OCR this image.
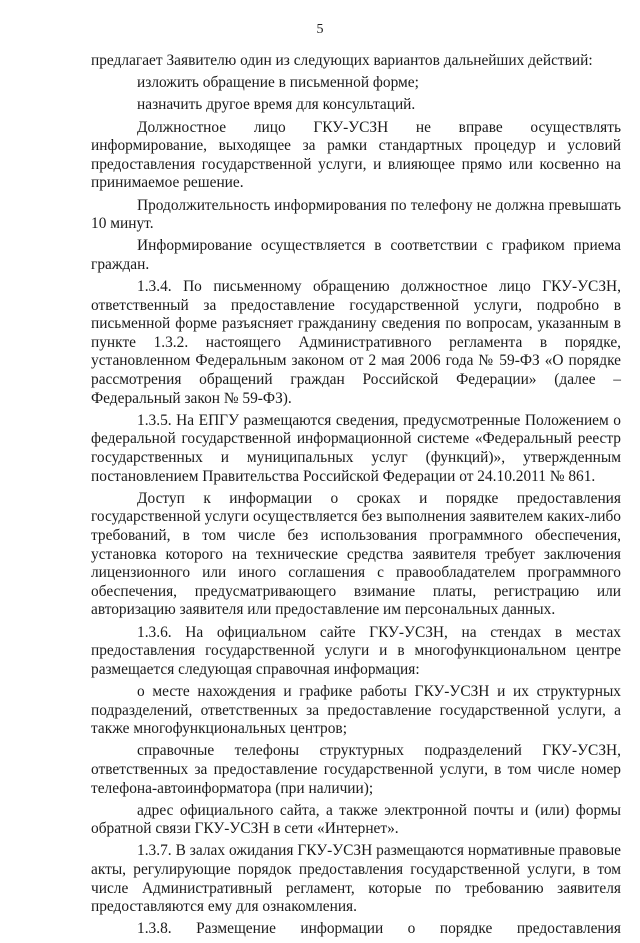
5

предлагает Заявителю один из следующих вариантов дальнейших действий:

изложить обращение в письменной форме;

назначить другое время для консультаций.

Должностное лицо ГКУ-УСЗН не вправе осуществлять информирование, выходящее за рамки стандартных процедур и условий предоставления государственной услуги, и влияющее прямо или косвенно на принимаемое решение.

Продолжительность информирования по телефону не должна превышать 10 минут.

Информирование осуществляется в соответствии с графиком приема граждан.

1.3.4. По письменному обращению должностное лицо ГКУ-УСЗН, ответственный за предоставление государственной услуги, подробно в письменной форме разъясняет гражданину сведения по вопросам, указанным в пункте 1.3.2. настоящего Административного регламента в порядке, установленном Федеральным законом от 2 мая 2006 года № 59-ФЗ «О порядке рассмотрения обращений граждан Российской Федерации» (далее – Федеральный закон № 59-ФЗ).

1.3.5. На ЕПГУ размещаются сведения, предусмотренные Положением о федеральной государственной информационной системе «Федеральный реестр государственных и муниципальных услуг (функций)», утвержденным постановлением Правительства Российской Федерации от 24.10.2011 № 861.

Доступ к информации о сроках и порядке предоставления государственной услуги осуществляется без выполнения заявителем каких-либо требований, в том числе без использования программного обеспечения, установка которого на технические средства заявителя требует заключения лицензионного или иного соглашения с правообладателем программного обеспечения, предусматривающего взимание платы, регистрацию или авторизацию заявителя или предоставление им персональных данных.

1.3.6. На официальном сайте ГКУ-УСЗН, на стендах в местах предоставления государственной услуги и в многофункциональном центре размещается следующая справочная информация:

о месте нахождения и графике работы ГКУ-УСЗН и их структурных подразделений, ответственных за предоставление государственной услуги, а также многофункциональных центров;

справочные телефоны структурных подразделений ГКУ-УСЗН, ответственных за предоставление государственной услуги, в том числе номер телефона-автоинформатора (при наличии);

адрес официального сайта, а также электронной почты и (или) формы обратной связи ГКУ-УСЗН в сети «Интернет».

1.3.7. В залах ожидания ГКУ-УСЗН размещаются нормативные правовые акты, регулирующие порядок предоставления государственной услуги, в том числе Административный регламент, которые по требованию заявителя предоставляются ему для ознакомления.

1.3.8. Размещение информации о порядке предоставления
